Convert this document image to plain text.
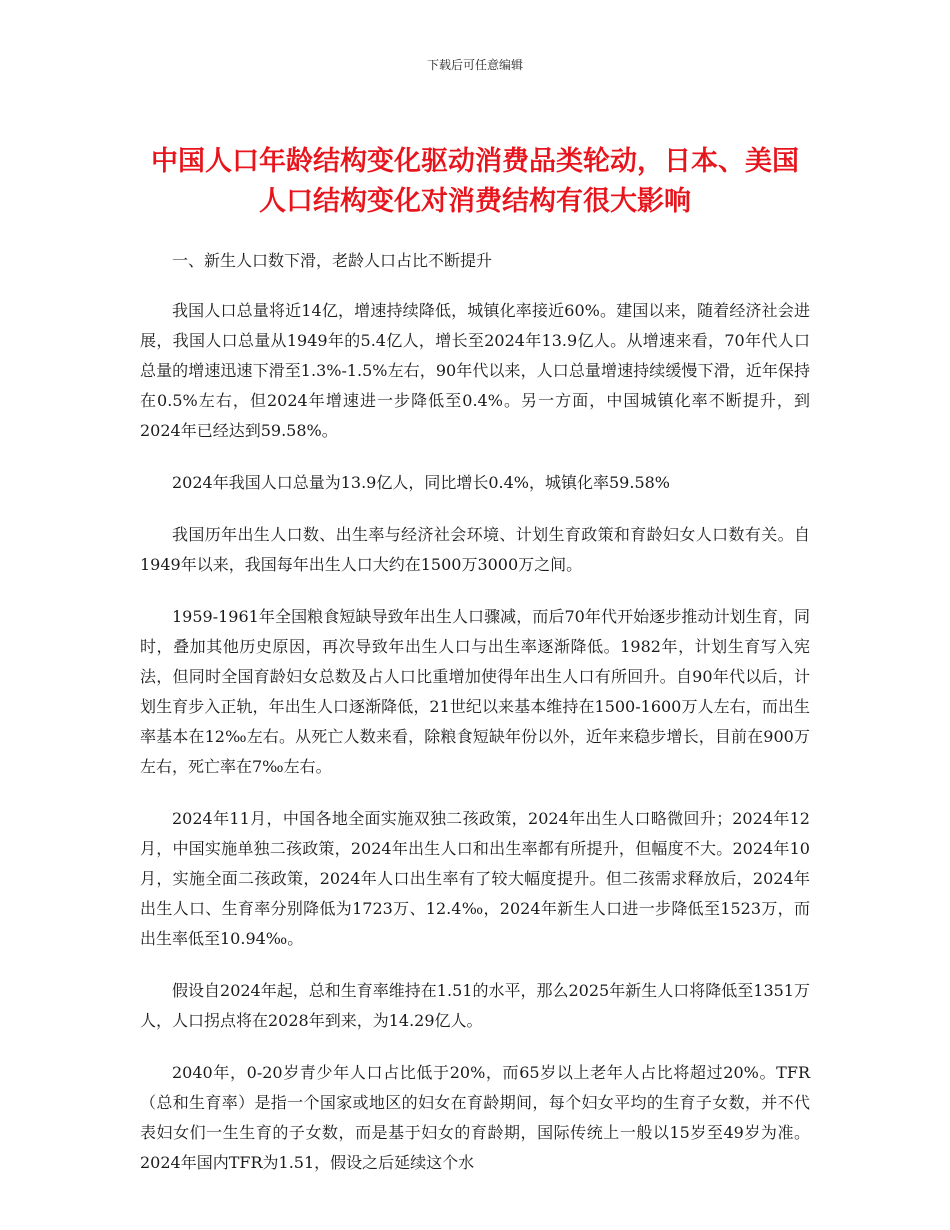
下载后可任意编辑
中国人口年龄结构变化驱动消费品类轮动，日本、美国人口结构变化对消费结构有很大影响

一、新生人口数下滑，老龄人口占比不断提升

我国人口总量将近14亿，增速持续降低，城镇化率接近60%。建国以来，随着经济社会进展，我国人口总量从1949年的5.4亿人，增长至2024年13.9亿人。从增速来看，70年代人口总量的增速迅速下滑至1.3%-1.5%左右，90年代以来，人口总量增速持续缓慢下滑，近年保持在0.5%左右，但2024年增速进一步降低至0.4%。另一方面，中国城镇化率不断提升，到2024年已经达到59.58%。

2024年我国人口总量为13.9亿人，同比增长0.4%，城镇化率59.58%

我国历年出生人口数、出生率与经济社会环境、计划生育政策和育龄妇女人口数有关。自1949年以来，我国每年出生人口大约在1500万3000万之间。

1959-1961年全国粮食短缺导致年出生人口骤减，而后70年代开始逐步推动计划生育，同时，叠加其他历史原因，再次导致年出生人口与出生率逐渐降低。1982年，计划生育写入宪法，但同时全国育龄妇女总数及占人口比重增加使得年出生人口有所回升。自90年代以后，计划生育步入正轨，年出生人口逐渐降低，21世纪以来基本维持在1500-1600万人左右，而出生率基本在12‰左右。从死亡人数来看，除粮食短缺年份以外，近年来稳步增长，目前在900万左右，死亡率在7‰左右。

2024年11月，中国各地全面实施双独二孩政策，2024年出生人口略微回升；2024年12月，中国实施单独二孩政策，2024年出生人口和出生率都有所提升，但幅度不大。2024年10月，实施全面二孩政策，2024年人口出生率有了较大幅度提升。但二孩需求释放后，2024年出生人口、生育率分别降低为1723万、12.4‰，2024年新生人口进一步降低至1523万，而出生率低至10.94‰。

假设自2024年起，总和生育率维持在1.51的水平，那么2025年新生人口将降低至1351万人，人口拐点将在2028年到来，为14.29亿人。

2040年，0-20岁青少年人口占比低于20%，而65岁以上老年人占比将超过20%。TFR（总和生育率）是指一个国家或地区的妇女在育龄期间，每个妇女平均的生育子女数，并不代表妇女们一生生育的子女数，而是基于妇女的育龄期，国际传统上一般以15岁至49岁为准。2024年国内TFR为1.51，假设之后延续这个水
